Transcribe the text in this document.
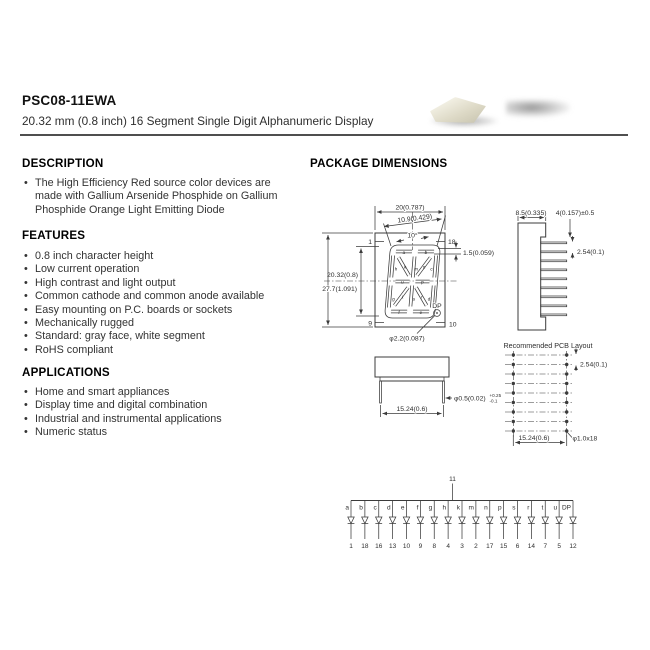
PSC08-11EWA
20.32 mm (0.8 inch) 16 Segment Single Digit Alphanumeric Display
DESCRIPTION
• The High Efficiency Red source color devices are made with Gallium Arsenide Phosphide on Gallium Phosphide Orange Light Emitting Diode
FEATURES
• 0.8 inch character height
• Low current operation
• High contrast and light output
• Common cathode and common anode available
• Easy mounting on P.C. boards or sockets
• Mechanically rugged
• Standard: gray face, white segment
• RoHS compliant
APPLICATIONS
• Home and smart appliances
• Display time and digital combination
• Industrial and instrumental applications
• Numeric status
PACKAGE DIMENSIONS
20(0.787)
10.9(0.429)
10°
1	18
9	10
1.5(0.059)
20.32(0.8)
27.7(1.091)
a	b
h k m n c
u	p
g t s r d
f	e
DP
φ2.2(0.087)
φ0.5(0.02) +0.25
-0.1
15.24(0.6)
8.5(0.335) 4(0.157)±0.5
2.54(0.1)
Recommended PCB Layout
2.54(0.1)
15.24(0.6)	φ1.0x18
11
a
1
b
18
c
16
d
13
e
10
f
9
g
8
h
4
k
3
m
2
n
17
p
15
s
6
r
14
t
7
u
5
DP
12
